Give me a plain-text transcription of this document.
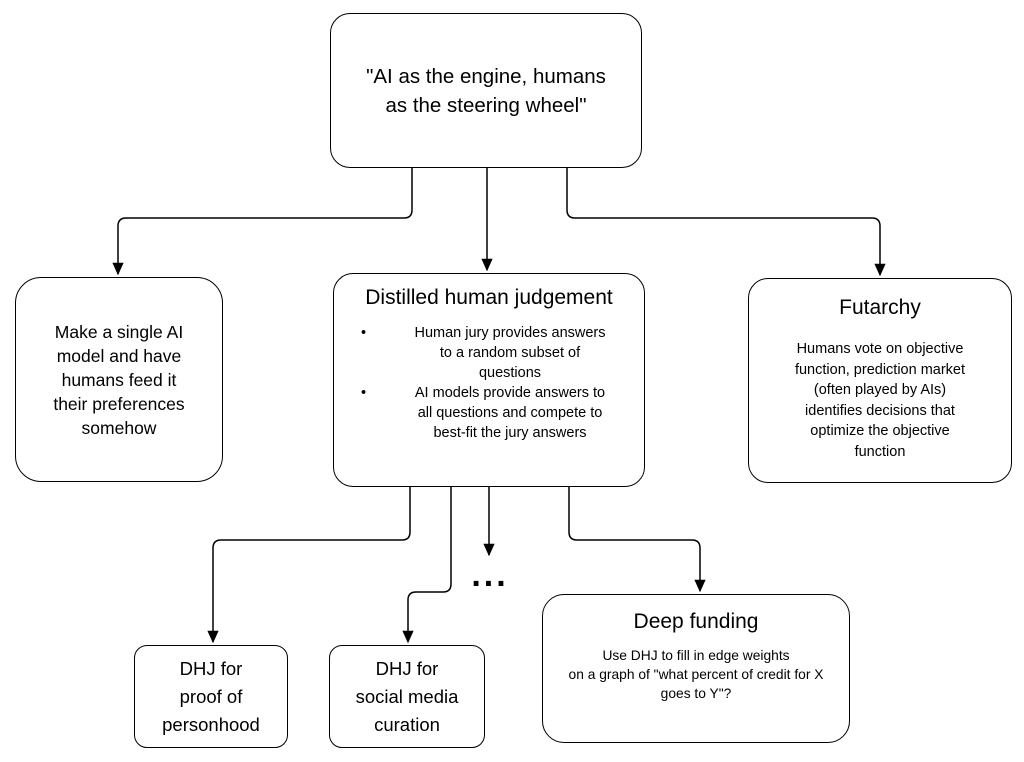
"AI as the engine, humans
as the steering wheel"
Make a single AI
model and have
humans feed it
their preferences
somehow
Distilled human judgement
•	Human jury provides answers
to a random subset of
questions
•	AI models provide answers to
all questions and compete to
best-fit the jury answers
Futarchy
Humans vote on objective
function, prediction market
(often played by AIs)
identifies decisions that
optimize the objective
function
...
DHJ for
proof of
personhood
DHJ for
social media
curation
Deep funding
Use DHJ to fill in edge weights
on a graph of "what percent of credit for X
goes to Y"?
